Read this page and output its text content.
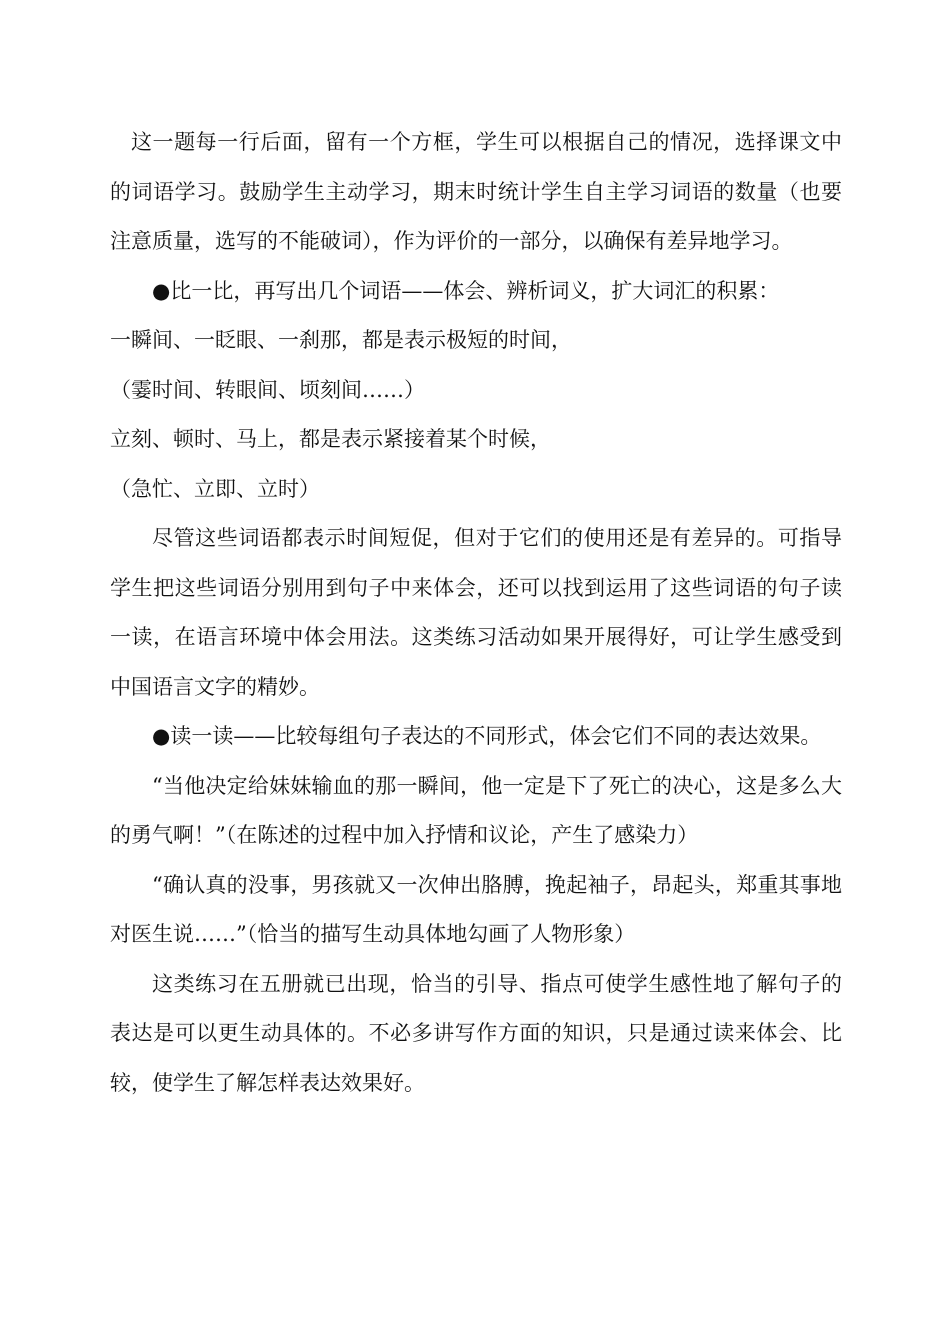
这一题每一行后面，留有一个方框，学生可以根据自己的情况，选择课文中的词语学习。鼓励学生主动学习，期末时统计学生自主学习词语的数量（也要注意质量，选写的不能破词），作为评价的一部分，以确保有差异地学习。

●比一比，再写出几个词语——体会、辨析词义，扩大词汇的积累：

一瞬间、一眨眼、一刹那，都是表示极短的时间，

（霎时间、转眼间、顷刻间……）

立刻、顿时、马上，都是表示紧接着某个时候，

（急忙、立即、立时）

尽管这些词语都表示时间短促，但对于它们的使用还是有差异的。可指导学生把这些词语分别用到句子中来体会，还可以找到运用了这些词语的句子读一读，在语言环境中体会用法。这类练习活动如果开展得好，可让学生感受到中国语言文字的精妙。

●读一读——比较每组句子表达的不同形式，体会它们不同的表达效果。

“当他决定给妹妹输血的那一瞬间，他一定是下了死亡的决心，这是多么大的勇气啊！”（在陈述的过程中加入抒情和议论，产生了感染力）

“确认真的没事，男孩就又一次伸出胳膊，挽起袖子，昂起头，郑重其事地对医生说……”（恰当的描写生动具体地勾画了人物形象）

这类练习在五册就已出现，恰当的引导、指点可使学生感性地了解句子的表达是可以更生动具体的。不必多讲写作方面的知识，只是通过读来体会、比较，使学生了解怎样表达效果好。
